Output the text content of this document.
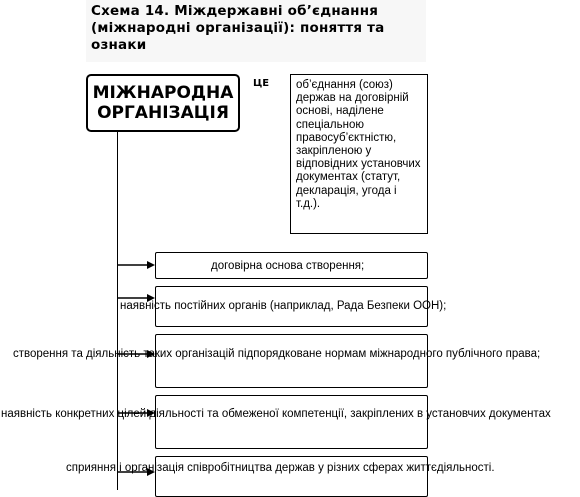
Схема 14. Міждержавні об’єднання
(міжнародні організації): поняття та
ознаки
МІЖНАРОДНА
ОРГАНІЗАЦІЯ
ЦЕ	об’єднання (союз) держав на договірній основі, наділене спеціальною правосуб’єктністю, закріпленою у відповідних установчих документах (статут, декларація, угода і т.д.).
договірна основа створення;
наявність постійних органів (наприклад, Рада Безпеки ООН);
створення та діяльність таких організацій підпорядковане нормам міжнародного публічного права;
наявність конкретних цілей діяльності та обмеженої компетенції, закріплених в установчих документах
сприяння і організація співробітництва держав у різних сферах життєдіяльності.
